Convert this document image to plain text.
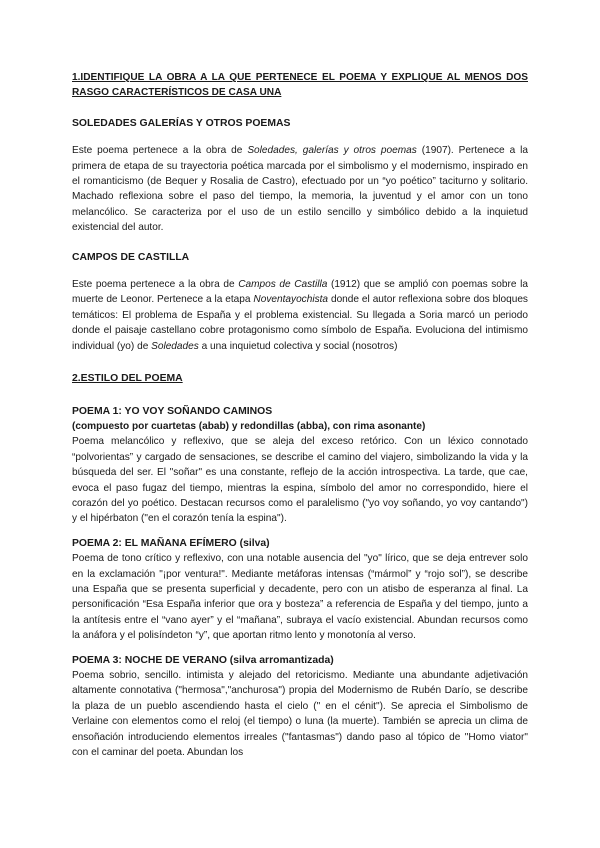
1.IDENTIFIQUE LA OBRA A LA QUE PERTENECE EL POEMA Y EXPLIQUE AL MENOS DOS RASGO CARACTERÍSTICOS DE CASA UNA

SOLEDADES GALERÍAS Y OTROS POEMAS

Este poema pertenece a la obra de Soledades, galerías y otros poemas (1907). Pertenece a la primera de etapa de su trayectoria poética marcada por el simbolismo y el modernismo, inspirado en el romanticismo (de Bequer y Rosalia de Castro), efectuado por un “yo poético” taciturno y solitario. Machado reflexiona sobre el paso del tiempo, la memoria, la juventud y el amor con un tono melancólico. Se caracteriza por el uso de un estilo sencillo y simbólico debido a la inquietud existencial del autor.

CAMPOS DE CASTILLA

Este poema pertenece a la obra de Campos de Castilla (1912) que se amplió con poemas sobre la muerte de Leonor. Pertenece a la etapa Noventayochista donde el autor reflexiona sobre dos bloques temáticos: El problema de España y el problema existencial. Su llegada a Soria marcó un periodo donde el paisaje castellano cobre protagonismo como símbolo de España. Evoluciona del intimismo individual (yo) de Soledades a una inquietud colectiva y social (nosotros)

2.ESTILO DEL POEMA

POEMA 1: YO VOY SOÑANDO CAMINOS

(compuesto por cuartetas (abab) y redondillas (abba), con rima asonante)

Poema melancólico y reflexivo, que se aleja del exceso retórico. Con un léxico connotado “polvorientas” y cargado de sensaciones, se describe el camino del viajero, simbolizando la vida y la búsqueda del ser. El "soñar" es una constante, reflejo de la acción introspectiva. La tarde, que cae, evoca el paso fugaz del tiempo, mientras la espina, símbolo del amor no correspondido, hiere el corazón del yo poético. Destacan recursos como el paralelismo ("yo voy soñando, yo voy cantando") y el hipérbaton ("en el corazón tenía la espina").

POEMA 2: EL MAÑANA EFÍMERO (silva)

Poema de tono crítico y reflexivo, con una notable ausencia del "yo" lírico, que se deja entrever solo en la exclamación "¡por ventura!". Mediante metáforas intensas (“mármol” y “rojo sol”), se describe una España que se presenta superficial y decadente, pero con un atisbo de esperanza al final. La personificación “Esa España inferior que ora y bosteza” a referencia de España y del tiempo, junto a la antítesis entre el “vano ayer” y el “mañana”, subraya el vacío existencial. Abundan recursos como la anáfora y el polisíndeton “y”, que aportan ritmo lento y monotonía al verso.

POEMA 3: NOCHE DE VERANO (silva arromantizada)

Poema sobrio, sencillo. intimista y alejado del retoricismo. Mediante una abundante adjetivación altamente connotativa ("hermosa","anchurosa") propia del Modernismo de Rubén Darío, se describe la plaza de un pueblo ascendiendo hasta el cielo (" en el cénit"). Se aprecia el Simbolismo de Verlaine con elementos como el reloj (el tiempo) o luna (la muerte). También se aprecia un clima de ensoñación introduciendo elementos irreales ("fantasmas") dando paso al tópico de "Homo viator" con el caminar del poeta. Abundan los
